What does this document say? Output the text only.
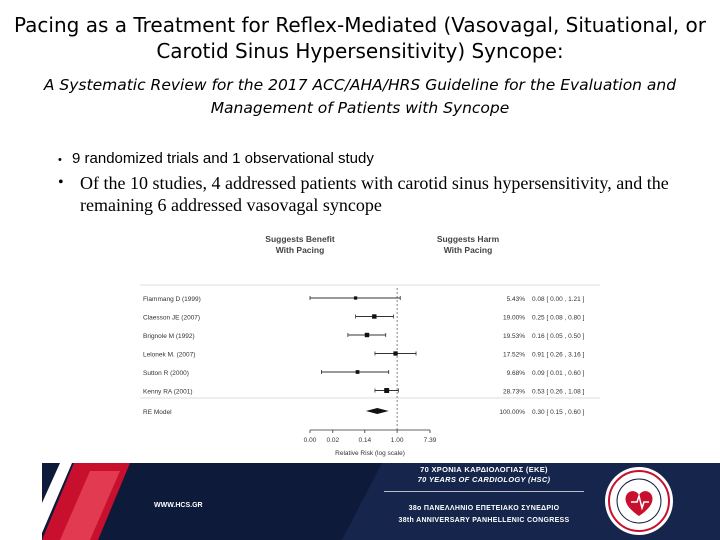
Pacing as a Treatment for Reflex-Mediated (Vasovagal, Situational, or
Carotid Sinus Hypersensitivity) Syncope:
A Systematic Review for the 2017 ACC/AHA/HRS Guideline for the Evaluation and
Management of Patients with Syncope
• 9 randomized trials and 1 observational study
• Of the 10 studies, 4 addressed patients with carotid sinus hypersensitivity, and the remaining 6 addressed vasovagal syncope
Suggests Benefit
With Pacing
Suggests Harm
With Pacing
Flammang D (1999)	5.43% 0.08 [ 0.00 , 1.21 ]
Claesson JE (2007)	19.00% 0.25 [ 0.08 , 0.80 ]
Brignole M (1992)	19.53% 0.16 [ 0.05 , 0.50 ]
Lelonek M. (2007)	17.52% 0.91 [ 0.26 , 3.16 ]
Sutton R (2000)	9.68% 0.09 [ 0.01 , 0.60 ]
Kenny RA (2001)	28.73% 0.53 [ 0.26 , 1.08 ]
RE Model	100.00% 0.30 [ 0.15 , 0.60 ]
0.00 0.02	0.14	1.00	7.39
Relative Risk (log scale)
WWW.HCS.GR
70 ΧΡΟΝΙΑ ΚΑΡΔΙΟΛΟΓΙΑΣ (ΕΚΕ)
70 YEARS OF CARDIOLOGY (HSC)
38ο ΠΑΝΕΛΛΗΝΙΟ ΕΠΕΤΕΙΑΚΟ ΣΥΝΕΔΡΙΟ
38th ANNIVERSARY PANHELLENIC CONGRESS
